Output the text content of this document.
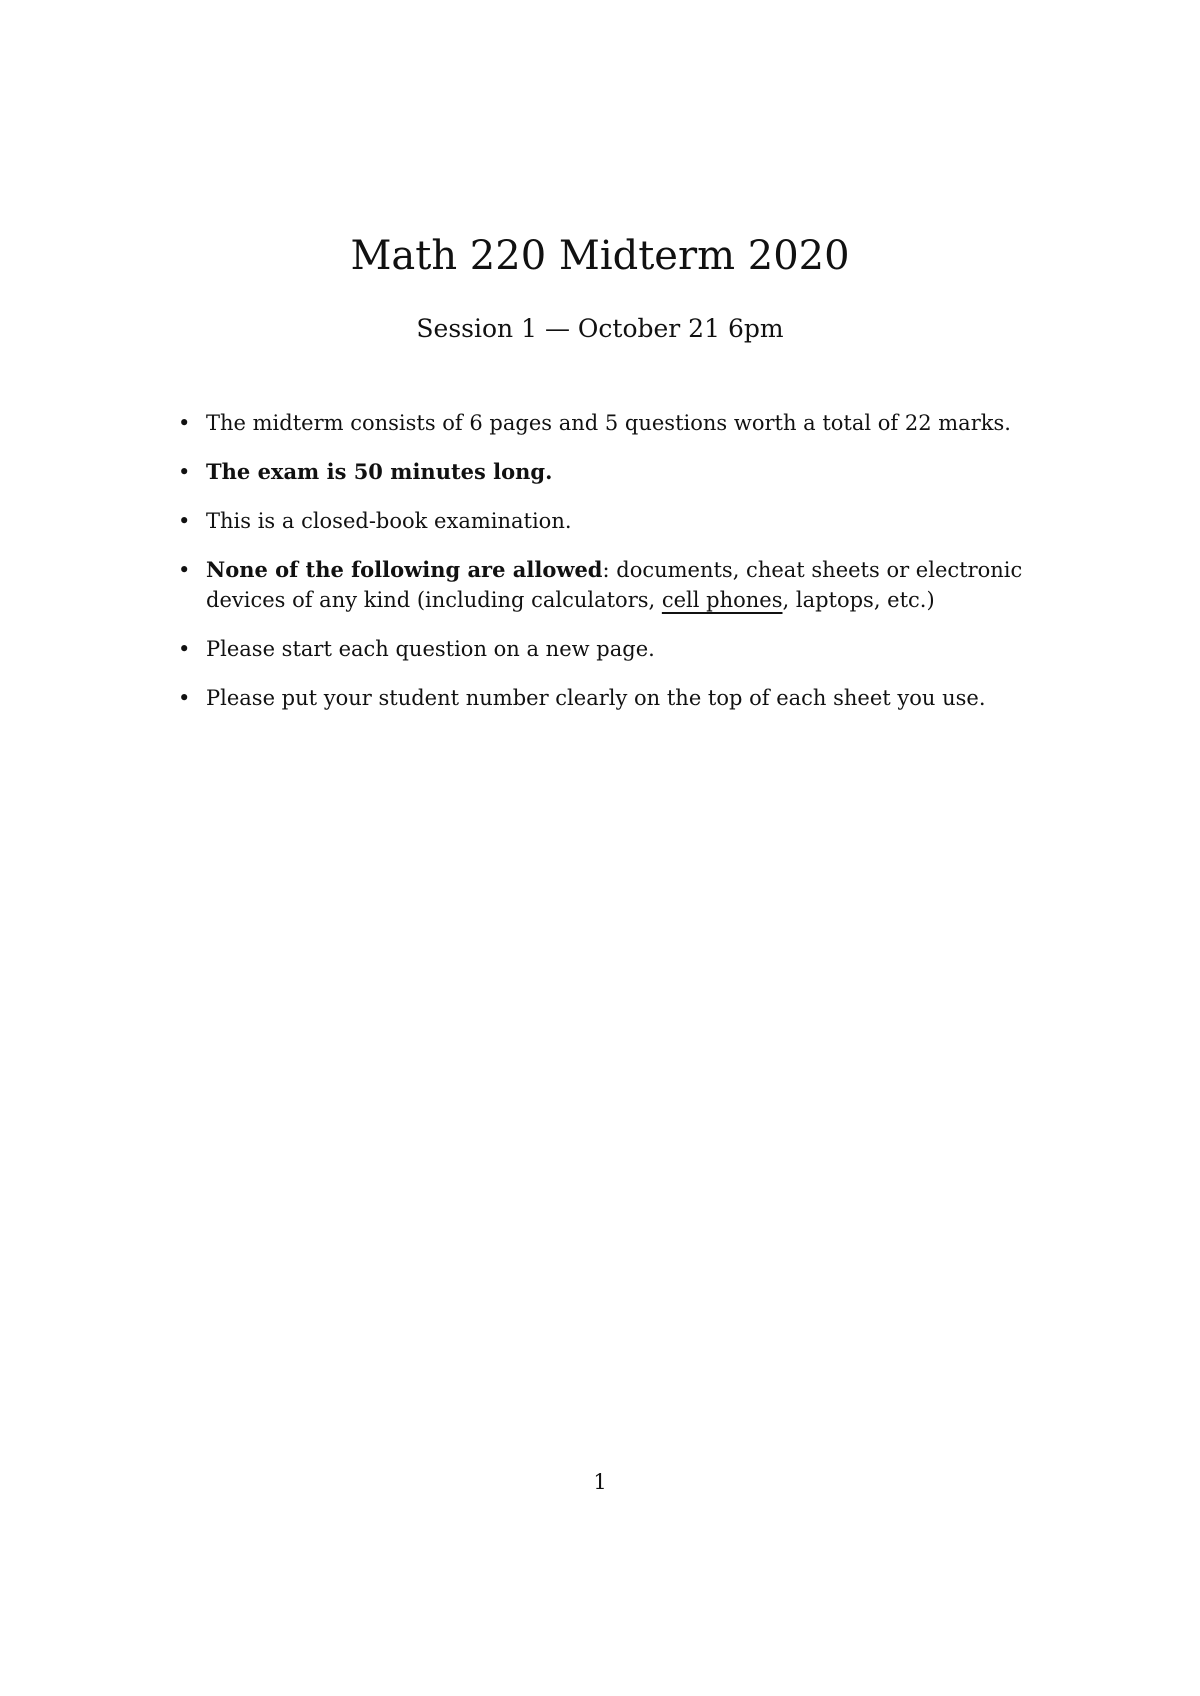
Math 220 Midterm 2020

Session 1 — October 21 6pm

• The midterm consists of 6 pages and 5 questions worth a total of 22 marks.
• The exam is 50 minutes long.
• This is a closed-book examination.
• None of the following are allowed: documents, cheat sheets or electronic devices of any kind (including calculators, cell phones, laptops, etc.)
• Please start each question on a new page.
• Please put your student number clearly on the top of each sheet you use.
1
